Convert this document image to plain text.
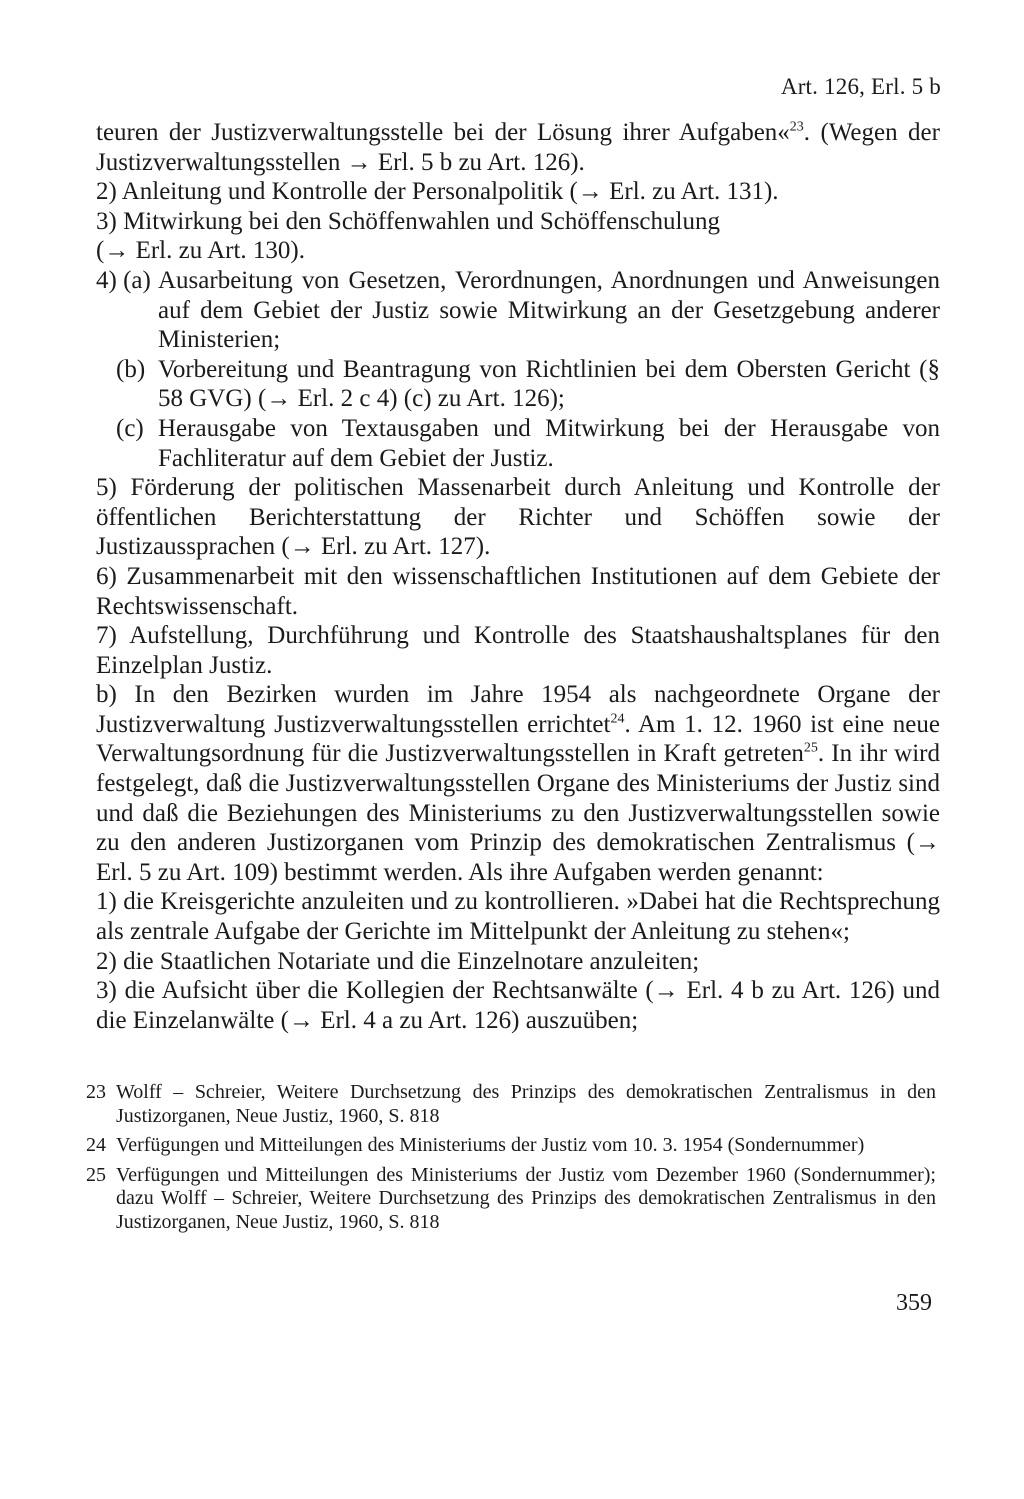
Art. 126, Erl. 5 b

teuren der Justizverwaltungsstelle bei der Lösung ihrer Aufgaben«$^{23}$. (Wegen der Justizverwaltungsstellen → Erl. 5 b zu Art. 126).

2) Anleitung und Kontrolle der Personalpolitik (→ Erl. zu Art. 131).

3) Mitwirkung bei den Schöffenwahlen und Schöffenschulung

(→ Erl. zu Art. 130).

4) (a) Ausarbeitung von Gesetzen, Verordnungen, Anordnungen und Anweisungen auf dem Gebiet der Justiz sowie Mitwirkung an der Gesetzgebung anderer Ministerien;
(b) Vorbereitung und Beantragung von Richtlinien bei dem Obersten Gericht (§ 58 GVG) (→ Erl. 2 c 4) (c) zu Art. 126);
(c) Herausgabe von Textausgaben und Mitwirkung bei der Herausgabe von Fachliteratur auf dem Gebiet der Justiz.

5) Förderung der politischen Massenarbeit durch Anleitung und Kontrolle der öffentlichen Berichterstattung der Richter und Schöffen sowie der Justizaussprachen (→ Erl. zu Art. 127).

6) Zusammenarbeit mit den wissenschaftlichen Institutionen auf dem Gebiete der Rechtswissenschaft.

7) Aufstellung, Durchführung und Kontrolle des Staatshaushaltsplanes für den Einzelplan Justiz.

b) In den Bezirken wurden im Jahre 1954 als nachgeordnete Organe der Justizverwaltung Justizverwaltungsstellen errichtet$^{24}$. Am 1. 12. 1960 ist eine neue Verwaltungsordnung für die Justizverwaltungsstellen in Kraft getreten$^{25}$. In ihr wird festgelegt, daß die Justizverwaltungsstellen Organe des Ministeriums der Justiz sind und daß die Beziehungen des Ministeriums zu den Justizverwaltungsstellen sowie zu den anderen Justizorganen vom Prinzip des demokratischen Zentralismus (→ Erl. 5 zu Art. 109) bestimmt werden. Als ihre Aufgaben werden genannt:

1) die Kreisgerichte anzuleiten und zu kontrollieren. »Dabei hat die Rechtsprechung als zentrale Aufgabe der Gerichte im Mittelpunkt der Anleitung zu stehen«;

2) die Staatlichen Notariate und die Einzelnotare anzuleiten;

3) die Aufsicht über die Kollegien der Rechtsanwälte (→ Erl. 4 b zu Art. 126) und die Einzelanwälte (→ Erl. 4 a zu Art. 126) auszuüben;

23 Wolff – Schreier, Weitere Durchsetzung des Prinzips des demokratischen Zentralismus in den Justizorganen, Neue Justiz, 1960, S. 818
24 Verfügungen und Mitteilungen des Ministeriums der Justiz vom 10. 3. 1954 (Sondernummer)
25 Verfügungen und Mitteilungen des Ministeriums der Justiz vom Dezember 1960 (Sondernummer); dazu Wolff – Schreier, Weitere Durchsetzung des Prinzips des demokratischen Zentralismus in den Justizorganen, Neue Justiz, 1960, S. 818
359
